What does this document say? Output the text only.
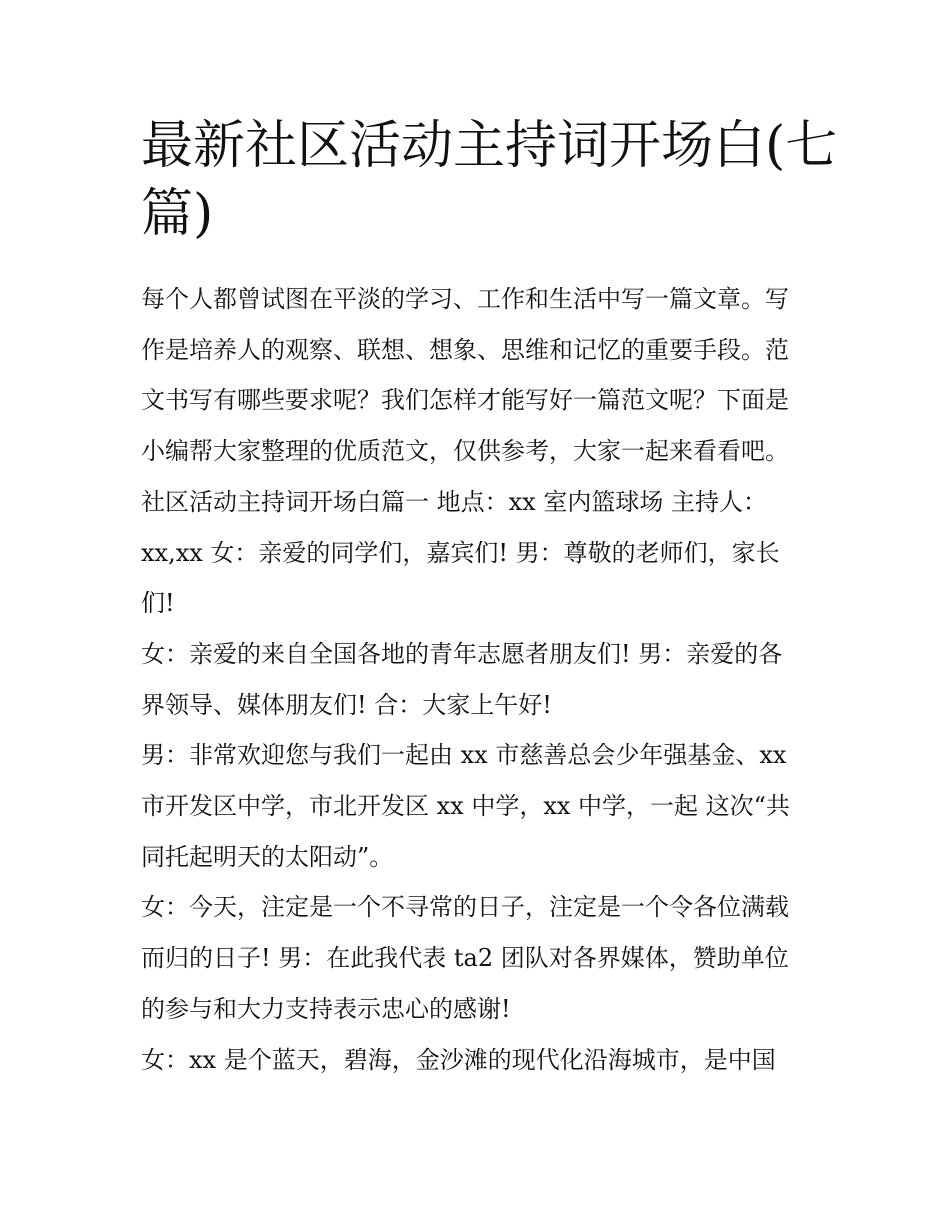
最新社区活动主持词开场白(七
篇)
每个人都曾试图在平淡的学习、工作和生活中写一篇文章。写
作是培养人的观察、联想、想象、思维和记忆的重要手段。范
文书写有哪些要求呢？我们怎样才能写好一篇范文呢？下面是
小编帮大家整理的优质范文，仅供参考，大家一起来看看吧。
社区活动主持词开场白篇一 地点：xx 室内篮球场 主持人：
xx,xx 女：亲爱的同学们，嘉宾们! 男：尊敬的老师们，家长
们!
女：亲爱的来自全国各地的青年志愿者朋友们! 男：亲爱的各
界领导、媒体朋友们! 合：大家上午好!
男：非常欢迎您与我们一起由 xx 市慈善总会少年强基金、xx
市开发区中学，市北开发区 xx 中学，xx 中学，一起 这次“共
同托起明天的太阳动”。
女：今天，注定是一个不寻常的日子，注定是一个令各位满载
而归的日子! 男：在此我代表 ta2 团队对各界媒体，赞助单位
的参与和大力支持表示忠心的感谢!
女：xx 是个蓝天，碧海，金沙滩的现代化沿海城市，是中国
